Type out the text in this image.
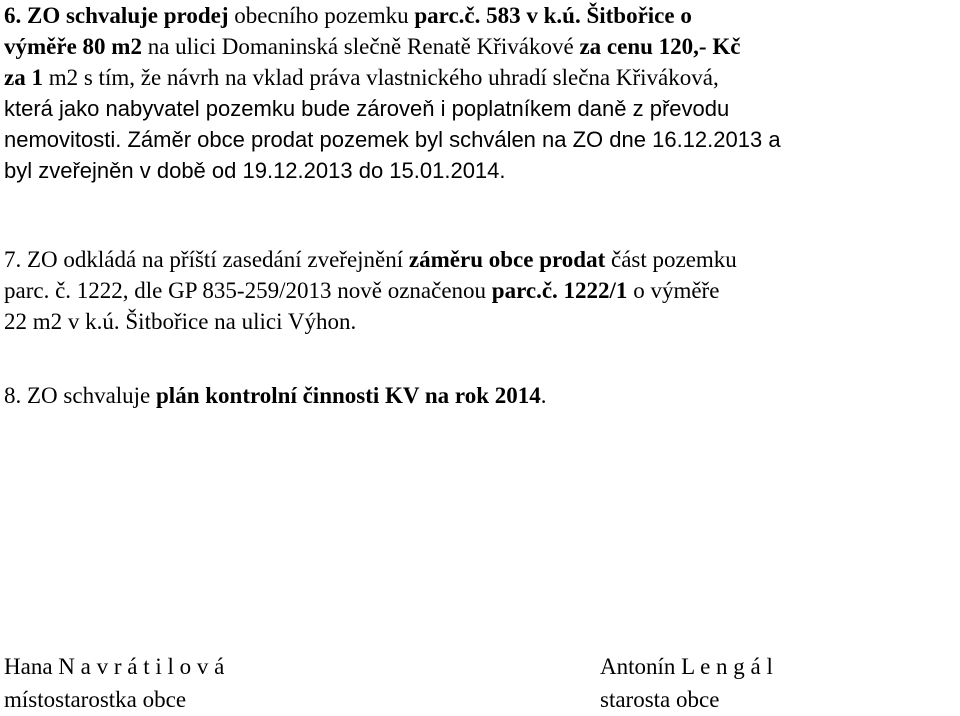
6. ZO schvaluje prodej obecního pozemku parc.č. 583 v k.ú. Šitbořice o
výměře 80 m2 na ulici Domaninská slečně Renatě Křivákové za cenu 120,- Kč
za 1 m2 s tím, že návrh na vklad práva vlastnického uhradí slečna Křiváková,
která jako nabyvatel pozemku bude zároveň i poplatníkem daně z převodu
nemovitosti. Záměr obce prodat pozemek byl schválen na ZO dne 16.12.2013 a
byl zveřejněn v době od 19.12.2013 do 15.01.2014.
7. ZO odkládá na příští zasedání zveřejnění záměru obce prodat část pozemku
parc. č. 1222, dle GP 835-259/2013 nově označenou parc.č. 1222/1 o výměře
22 m2 v k.ú. Šitbořice na ulici Výhon.
8. ZO schvaluje plán kontrolní činnosti KV na rok 2014.
Hana N a v r á t i l o v á
místostarostka obce
Antonín L e n g á l
starosta obce
